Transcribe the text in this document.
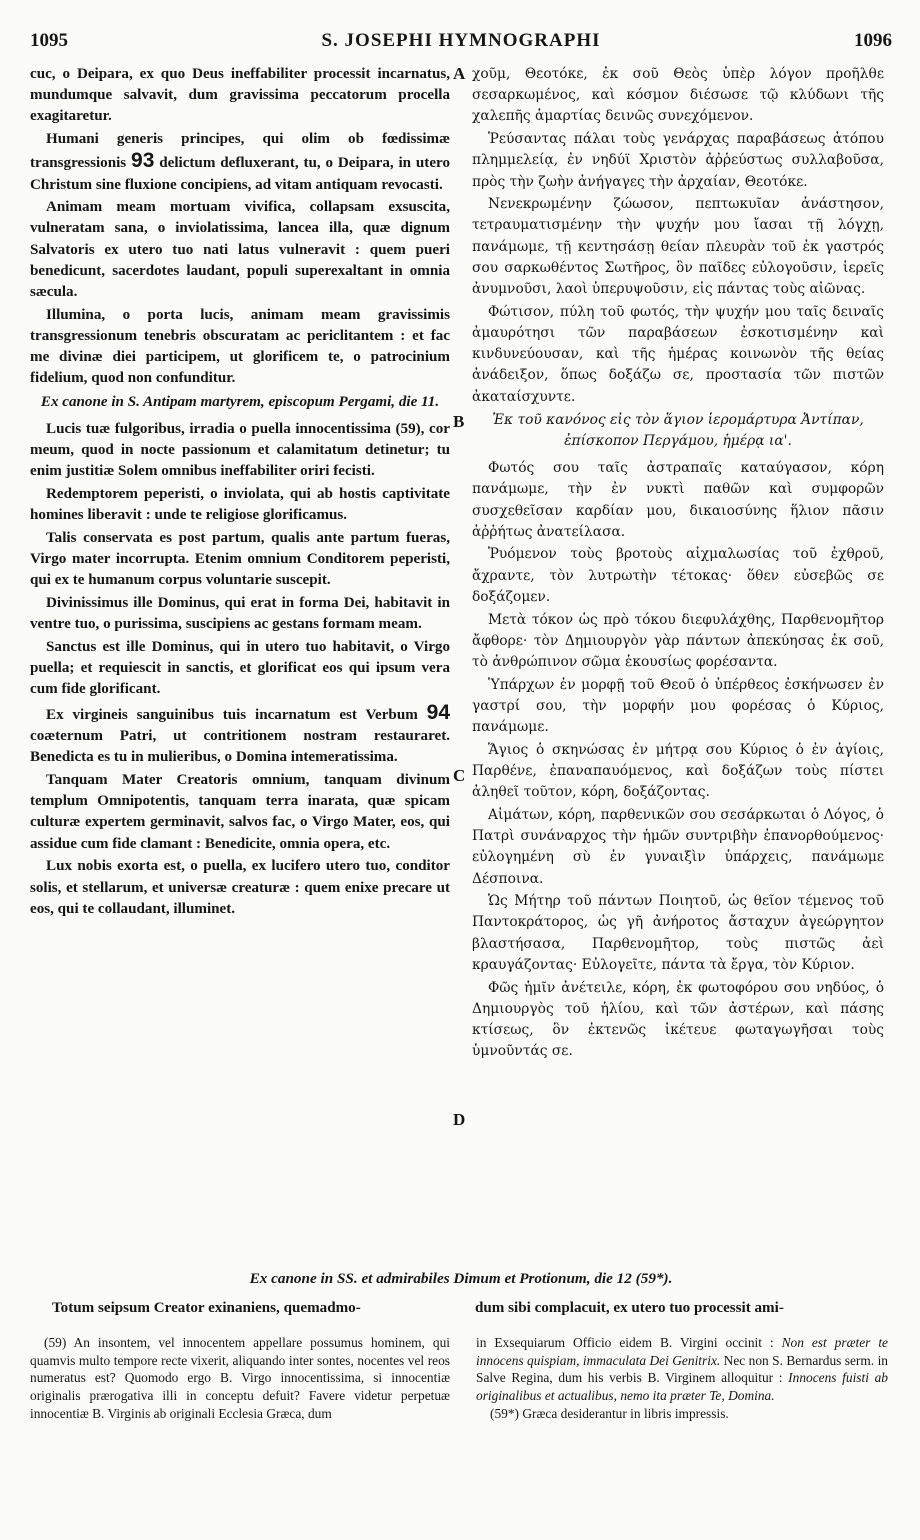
1095	S. JOSEPHI HYMNOGRAPHI	1096
A
B
C
D

cuc, o Deipara, ex quo Deus ineffabiliter processit incarnatus, mundumque salvavit, dum gravissima peccatorum procella exagitaretur.

Humani generis principes, qui olim ob fœdissimæ transgressionis 93 delictum defluxerant, tu, o Deipara, in utero Christum sine fluxione concipiens, ad vitam antiquam revocasti.

Animam meam mortuam vivifica, collapsam exsuscita, vulneratam sana, o inviolatissima, lancea illa, quæ dignum Salvatoris ex utero tuo nati latus vulneravit : quem pueri benedicunt, sacerdotes laudant, populi superexaltant in omnia sæcula.

Illumina, o porta lucis, animam meam gravissimis transgressionum tenebris obscuratam ac periclitantem : et fac me divinæ diei participem, ut glorificem te, o patrocinium fidelium, quod non confunditur.

Ex canone in S. Antipam martyrem, episcopum Pergami, die 11.

Lucis tuæ fulgoribus, irradia o puella innocentissima (59), cor meum, quod in nocte passionum et calamitatum detinetur; tu enim justitiæ Solem omnibus ineffabiliter oriri fecisti.

Redemptorem peperisti, o inviolata, qui ab hostis captivitate homines liberavit : unde te religiose glorificamus.

Talis conservata es post partum, qualis ante partum fueras, Virgo mater incorrupta. Etenim omnium Conditorem peperisti, qui ex te humanum corpus voluntarie suscepit.

Divinissimus ille Dominus, qui erat in forma Dei, habitavit in ventre tuo, o purissima, suscipiens ac gestans formam meam.

Sanctus est ille Dominus, qui in utero tuo habitavit, o Virgo puella; et requiescit in sanctis, et glorificat eos qui ipsum vera cum fide glorificant.

Ex virgineis sanguinibus tuis incarnatum est Verbum 94 coæternum Patri, ut contritionem nostram restauraret. Benedicta es tu in mulieribus, o Domina intemeratissima.

Tanquam Mater Creatoris omnium, tanquam divinum templum Omnipotentis, tanquam terra inarata, quæ spicam culturæ expertem germinavit, salvos fac, o Virgo Mater, eos, qui assidue cum fide clamant : Benedicite, omnia opera, etc.

Lux nobis exorta est, o puella, ex lucifero utero tuo, conditor solis, et stellarum, et universæ creaturæ : quem enixe precare ut eos, qui te collaudant, illuminet.

χοῦμ, Θεοτόκε, ἐκ σοῦ Θεὸς ὑπὲρ λόγον προῆλθε σεσαρκωμένος, καὶ κόσμον διέσωσε τῷ κλύδωνι τῆς χαλεπῆς ἁμαρτίας δεινῶς συνεχόμενον.

Ῥεύσαντας πάλαι τοὺς γενάρχας παραβάσεως ἀτόπου πλημμελείᾳ, ἐν νηδύϊ Χριστὸν ἀῤῥεύστως συλλαβοῦσα, πρὸς τὴν ζωὴν ἀνήγαγες τὴν ἀρχαίαν, Θεοτόκε.

Νενεκρωμένην ζώωσον, πεπτωκυῖαν ἀνάστησον, τετραυματισμένην τὴν ψυχήν μου ἴασαι τῇ λόγχῃ, πανάμωμε, τῇ κεντησάσῃ θείαν πλευρὰν τοῦ ἐκ γαστρός σου σαρκωθέντος Σωτῆρος, ὃν παῖδες εὐλογοῦσιν, ἱερεῖς ἀνυμνοῦσι, λαοὶ ὑπερυψοῦσιν, εἰς πάντας τοὺς αἰῶνας.

Φώτισον, πύλη τοῦ φωτός, τὴν ψυχήν μου ταῖς δειναῖς ἀμαυρότησι τῶν παραβάσεων ἐσκοτισμένην καὶ κινδυνεύουσαν, καὶ τῆς ἡμέρας κοινωνὸν τῆς θείας ἀνάδειξον, ὅπως δοξάζω σε, προστασία τῶν πιστῶν ἀκαταίσχυντε.

Ἐκ τοῦ κανόνος εἰς τὸν ἅγιον ἱερομάρτυρα Ἀντίπαν, ἐπίσκοπον Περγάμου, ἡμέρᾳ ια'.

Φωτός σου ταῖς ἀστραπαῖς καταύγασον, κόρη πανάμωμε, τὴν ἐν νυκτὶ παθῶν καὶ συμφορῶν συσχεθεῖσαν καρδίαν μου, δικαιοσύνης ἥλιον πᾶσιν ἀῤῥήτως ἀνατείλασα.

Ῥυόμενον τοὺς βροτοὺς αἰχμαλωσίας τοῦ ἐχθροῦ, ἄχραντε, τὸν λυτρωτὴν τέτοκας· ὅθεν εὐσεβῶς σε δοξάζομεν.

Μετὰ τόκον ὡς πρὸ τόκου διεφυλάχθης, Παρθενομῆτορ ἄφθορε· τὸν Δημιουργὸν γὰρ πάντων ἀπεκύησας ἐκ σοῦ, τὸ ἀνθρώπινον σῶμα ἑκουσίως φορέσαντα.

Ὑπάρχων ἐν μορφῇ τοῦ Θεοῦ ὁ ὑπέρθεος ἐσκήνωσεν ἐν γαστρί σου, τὴν μορφήν μου φορέσας ὁ Κύριος, πανάμωμε.

Ἅγιος ὁ σκηνώσας ἐν μήτρᾳ σου Κύριος ὁ ἐν ἁγίοις, Παρθένε, ἐπαναπαυόμενος, καὶ δοξάζων τοὺς πίστει ἀληθεῖ τοῦτον, κόρη, δοξάζοντας.

Αἱμάτων, κόρη, παρθενικῶν σου σεσάρκωται ὁ Λόγος, ὁ Πατρὶ συνάναρχος τὴν ἡμῶν συντριβὴν ἐπανορθούμενος· εὐλογημένη σὺ ἐν γυναιξὶν ὑπάρχεις, πανάμωμε Δέσποινα.

Ὡς Μήτηρ τοῦ πάντων Ποιητοῦ, ὡς θεῖον τέμενος τοῦ Παντοκράτορος, ὡς γῆ ἀνήροτος ἄσταχυν ἀγεώργητον βλαστήσασα, Παρθενομῆτορ, τοὺς πιστῶς ἀεὶ κραυγάζοντας· Εὐλογεῖτε, πάντα τὰ ἔργα, τὸν Κύριον.

Φῶς ἡμῖν ἀνέτειλε, κόρη, ἐκ φωτοφόρου σου νηδύος, ὁ Δημιουργὸς τοῦ ἡλίου, καὶ τῶν ἀστέρων, καὶ πάσης κτίσεως, ὃν ἐκτενῶς ἱκέτευε φωταγωγῆσαι τοὺς ὑμνοῦντάς σε.

Ex canone in SS. et admirabiles Dimum et Protionum, die 12 (59*).
Totum seipsum Creator exinaniens, quemadmo-	dum sibi complacuit, ex utero tuo processit ami-

(59) An insontem, vel innocentem appellare possumus hominem, qui quamvis multo tempore recte vixerit, aliquando inter sontes, nocentes vel reos numeratus est? Quomodo ergo B. Virgo innocentissima, si innocentiæ originalis prærogativa illi in conceptu defuit? Favere videtur perpetuæ innocentiæ B. Virginis ab originali Ecclesia Græca, dum

in Exsequiarum Officio eidem B. Virgini occinit : Non est præter te innocens quispiam, immaculata Dei Genitrix. Nec non S. Bernardus serm. in Salve Regina, dum his verbis B. Virginem alloquitur : Innocens fuisti ab originalibus et actualibus, nemo ita præter Te, Domina.

(59*) Græca desiderantur in libris impressis.
